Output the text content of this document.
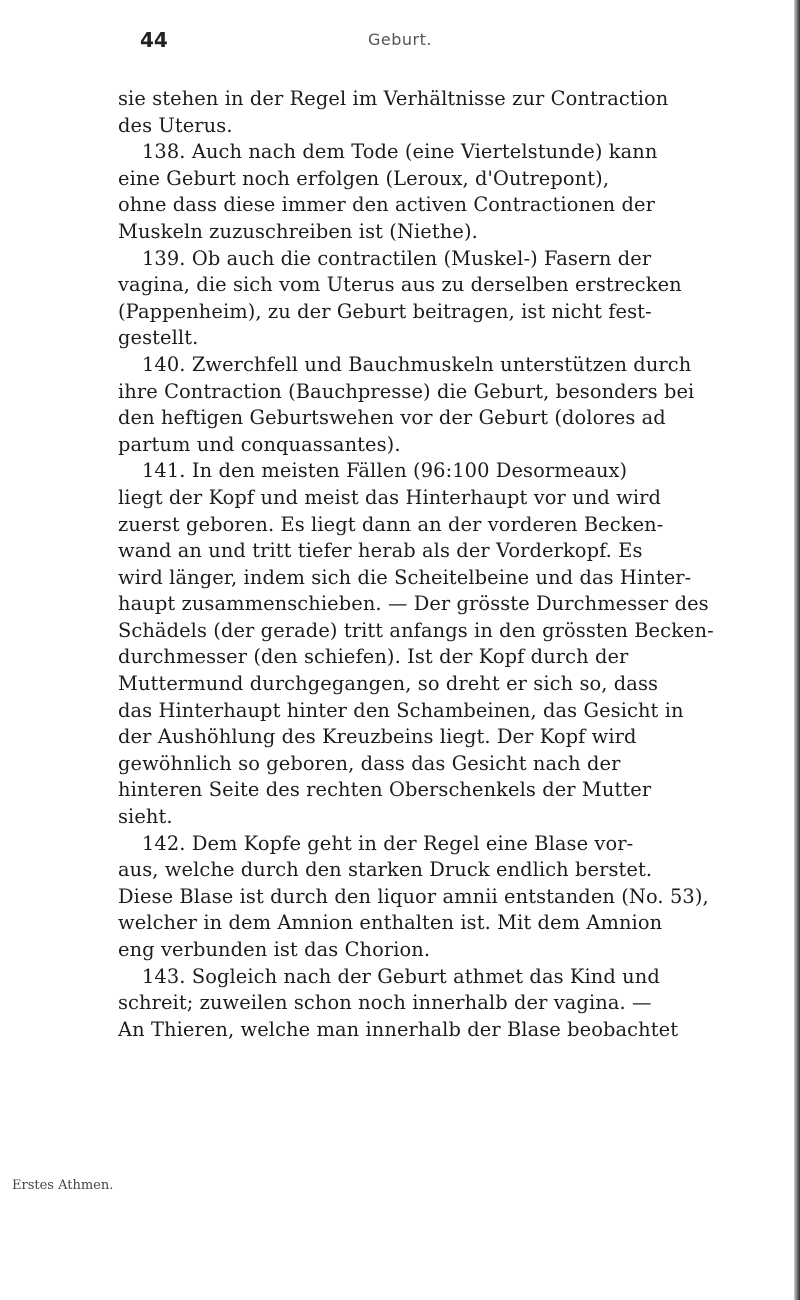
44	Geburt.
sie stehen in der Regel im Verhältnisse zur Contraction
des Uterus.
138. Auch nach dem Tode (eine Viertelstunde) kann
eine Geburt noch erfolgen (Leroux, d'Outrepont),
ohne dass diese immer den activen Contractionen der
Muskeln zuzuschreiben ist (Niethe).
139. Ob auch die contractilen (Muskel-) Fasern der
vagina, die sich vom Uterus aus zu derselben erstrecken
(Pappenheim), zu der Geburt beitragen, ist nicht fest-
gestellt.
140. Zwerchfell und Bauchmuskeln unterstützen durch
ihre Contraction (Bauchpresse) die Geburt, besonders bei
den heftigen Geburtswehen vor der Geburt (dolores ad
partum und conquassantes).
141. In den meisten Fällen (96:100 Desormeaux)
liegt der Kopf und meist das Hinterhaupt vor und wird
zuerst geboren. Es liegt dann an der vorderen Becken-
wand an und tritt tiefer herab als der Vorderkopf. Es
wird länger, indem sich die Scheitelbeine und das Hinter-
haupt zusammenschieben. — Der grösste Durchmesser des
Schädels (der gerade) tritt anfangs in den grössten Becken-
durchmesser (den schiefen). Ist der Kopf durch der
Muttermund durchgegangen, so dreht er sich so, dass
das Hinterhaupt hinter den Schambeinen, das Gesicht in
der Aushöhlung des Kreuzbeins liegt. Der Kopf wird
gewöhnlich so geboren, dass das Gesicht nach der
hinteren Seite des rechten Oberschenkels der Mutter
sieht.
142. Dem Kopfe geht in der Regel eine Blase vor-
aus, welche durch den starken Druck endlich berstet.
Diese Blase ist durch den liquor amnii entstanden (No. 53),
welcher in dem Amnion enthalten ist. Mit dem Amnion
eng verbunden ist das Chorion.
143. Sogleich nach der Geburt athmet das Kind und
schreit; zuweilen schon noch innerhalb der vagina. —
An Thieren, welche man innerhalb der Blase beobachtet
Erstes Athmen.
